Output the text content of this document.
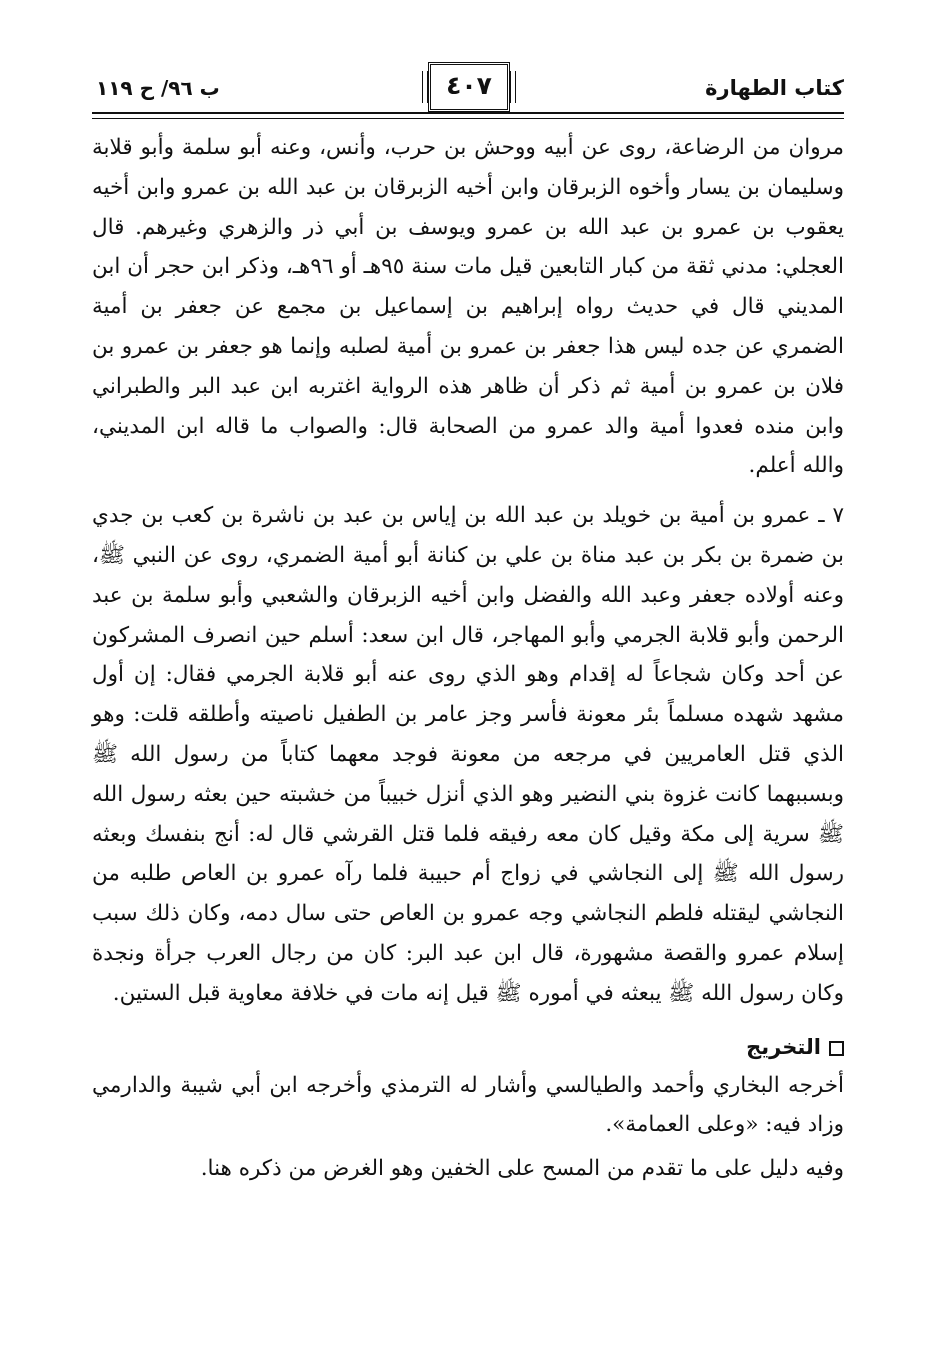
كتاب الطهارة
٤٠٧
ب ٩٦/ ح ١١٩

مروان من الرضاعة، روى عن أبيه ووحش بن حرب، وأنس، وعنه أبو سلمة وأبو قلابة وسليمان بن يسار وأخوه الزبرقان وابن أخيه الزبرقان بن عبد الله بن عمرو وابن أخيه يعقوب بن عمرو بن عبد الله بن عمرو ويوسف بن أبي ذر والزهري وغيرهم. قال العجلي: مدني ثقة من كبار التابعين قيل مات سنة ٩٥هـ أو ٩٦هـ، وذكر ابن حجر أن ابن المديني قال في حديث رواه إبراهيم بن إسماعيل بن مجمع عن جعفر بن أمية الضمري عن جده ليس هذا جعفر بن عمرو بن أمية لصلبه وإنما هو جعفر بن عمرو بن فلان بن عمرو بن أمية ثم ذكر أن ظاهر هذه الرواية اغتربه ابن عبد البر والطبراني وابن منده فعدوا أمية والد عمرو من الصحابة قال: والصواب ما قاله ابن المديني، والله أعلم.

٧ ـ عمرو بن أمية بن خويلد بن عبد الله بن إياس بن عبد بن ناشرة بن كعب بن جدي بن ضمرة بن بكر بن عبد مناة بن علي بن كنانة أبو أمية الضمري، روى عن النبي ﷺ، وعنه أولاده جعفر وعبد الله والفضل وابن أخيه الزبرقان والشعبي وأبو سلمة بن عبد الرحمن وأبو قلابة الجرمي وأبو المهاجر، قال ابن سعد: أسلم حين انصرف المشركون عن أحد وكان شجاعاً له إقدام وهو الذي روى عنه أبو قلابة الجرمي فقال: إن أول مشهد شهده مسلماً بئر معونة فأسر وجز عامر بن الطفيل ناصيته وأطلقه قلت: وهو الذي قتل العامريين في مرجعه من معونة فوجد معهما كتاباً من رسول الله ﷺ وبسببهما كانت غزوة بني النضير وهو الذي أنزل خبيباً من خشبته حين بعثه رسول الله ﷺ سرية إلى مكة وقيل كان معه رفيقه فلما قتل القرشي قال له: أنج بنفسك وبعثه رسول الله ﷺ إلى النجاشي في زواج أم حبيبة فلما رآه عمرو بن العاص طلبه من النجاشي ليقتله فلطم النجاشي وجه عمرو بن العاص حتى سال دمه، وكان ذلك سبب إسلام عمرو والقصة مشهورة، قال ابن عبد البر: كان من رجال العرب جرأة ونجدة وكان رسول الله ﷺ يبعثه في أموره ﷺ قيل إنه مات في خلافة معاوية قبل الستين.

التخريج

أخرجه البخاري وأحمد والطيالسي وأشار له الترمذي وأخرجه ابن أبي شيبة والدارمي وزاد فيه: «وعلى العمامة».

وفيه دليل على ما تقدم من المسح على الخفين وهو الغرض من ذكره هنا.
